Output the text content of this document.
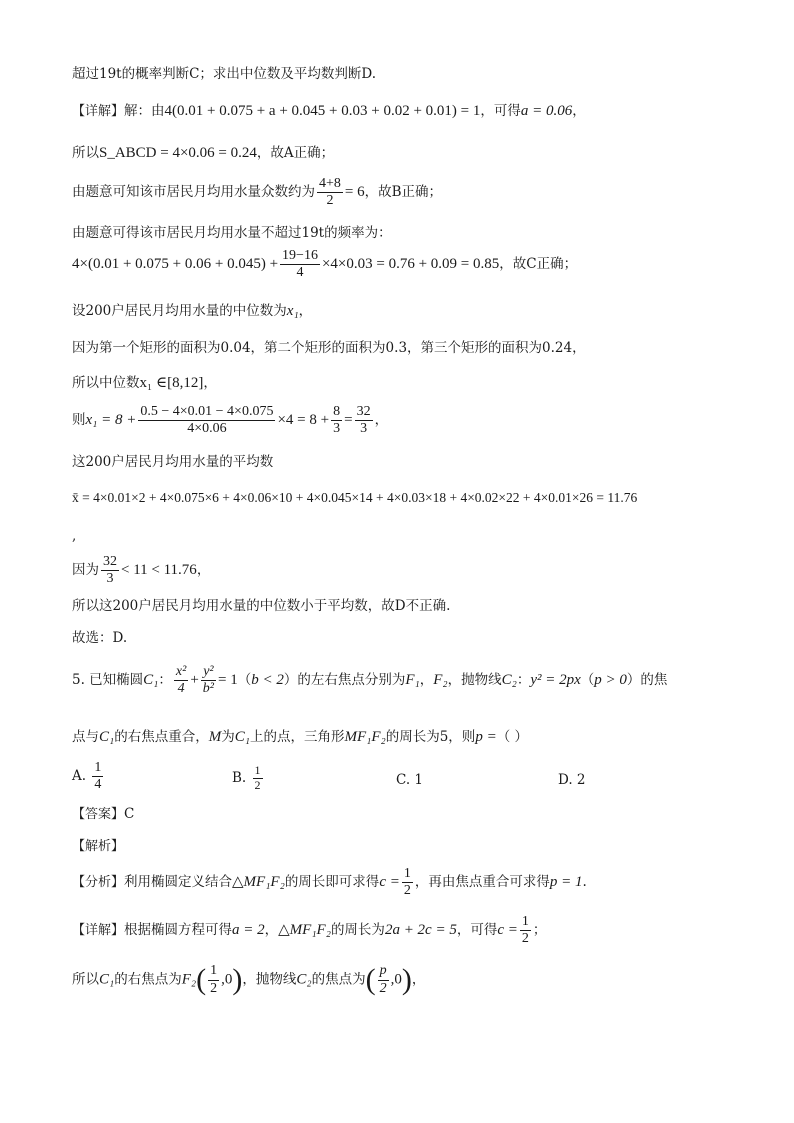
超过19t的概率判断C；求出中位数及平均数判断D.
【详解】解：由4(0.01 + 0.075 + a + 0.045 + 0.03 + 0.02 + 0.01) = 1，可得a = 0.06，
所以S_ABCD = 4×0.06 = 0.24，故A正确；
由题意可知该市居民月均用水量众数约为 $\frac{4+8}{2} = 6$，故B正确；
由题意可得该市居民月均用水量不超过19t的频率为：
$4\times(0.01 + 0.075 + 0.06 + 0.045) + \frac{19-16}{4} \times 4\times 0.03 = 0.76 + 0.09 = 0.85$，故C正确；
设200户居民月均用水量的中位数为x₁，
因为第一个矩形的面积为0.04，第二个矩形的面积为0.3，第三个矩形的面积为0.24，
所以中位数x₁ ∈[8,12]，
则$x_1 = 8 + \frac{0.5 - 4\times 0.01 - 4\times 0.075}{4\times 0.06} \times 4 = 8 + \frac{8}{3} = \frac{32}{3}$ ，
这200户居民月均用水量的平均数
x̄ = 4×0.01×2 + 4×0.075×6 + 4×0.06×10 + 4×0.045×14 + 4×0.03×18 + 4×0.02×22 + 4×0.01×26 = 11.76
,
因为 $\frac{32}{3} < 11 < 11.76$，
所以这200户居民月均用水量的中位数小于平均数，故D不正确.
故选：D.
5. 已知椭圆C₁： $\frac{\text{x²}}{4} + \frac{\text{y²}}{\text{b²}} = 1(b < 2)$的左右焦点分别为F₁，F₂，抛物线C₂：y² = 2px（p > 0）的焦
点与C₁的右焦点重合，M为C₁上的点，三角形MF₁F₂的周长为5，则p =（ ）
A. $\frac{1}{4}$	B. $\frac{1}{2}$	C. 1	D. 2
【答案】C
【解析】
【分析】利用椭圆定义结合△MF₁F₂的周长即可求得$c = \frac{1}{2}$ ，再由焦点重合可求得p = 1.
【详解】根据椭圆方程可得a = 2，△MF₁F₂的周长为2a + 2c = 5，可得$c = \frac{1}{2}$ ；
所以C₁的右焦点为$F_2( \frac{1}{2} ,0)$，抛物线C₂的焦点为( $\frac{p}{2} ,0$)，
